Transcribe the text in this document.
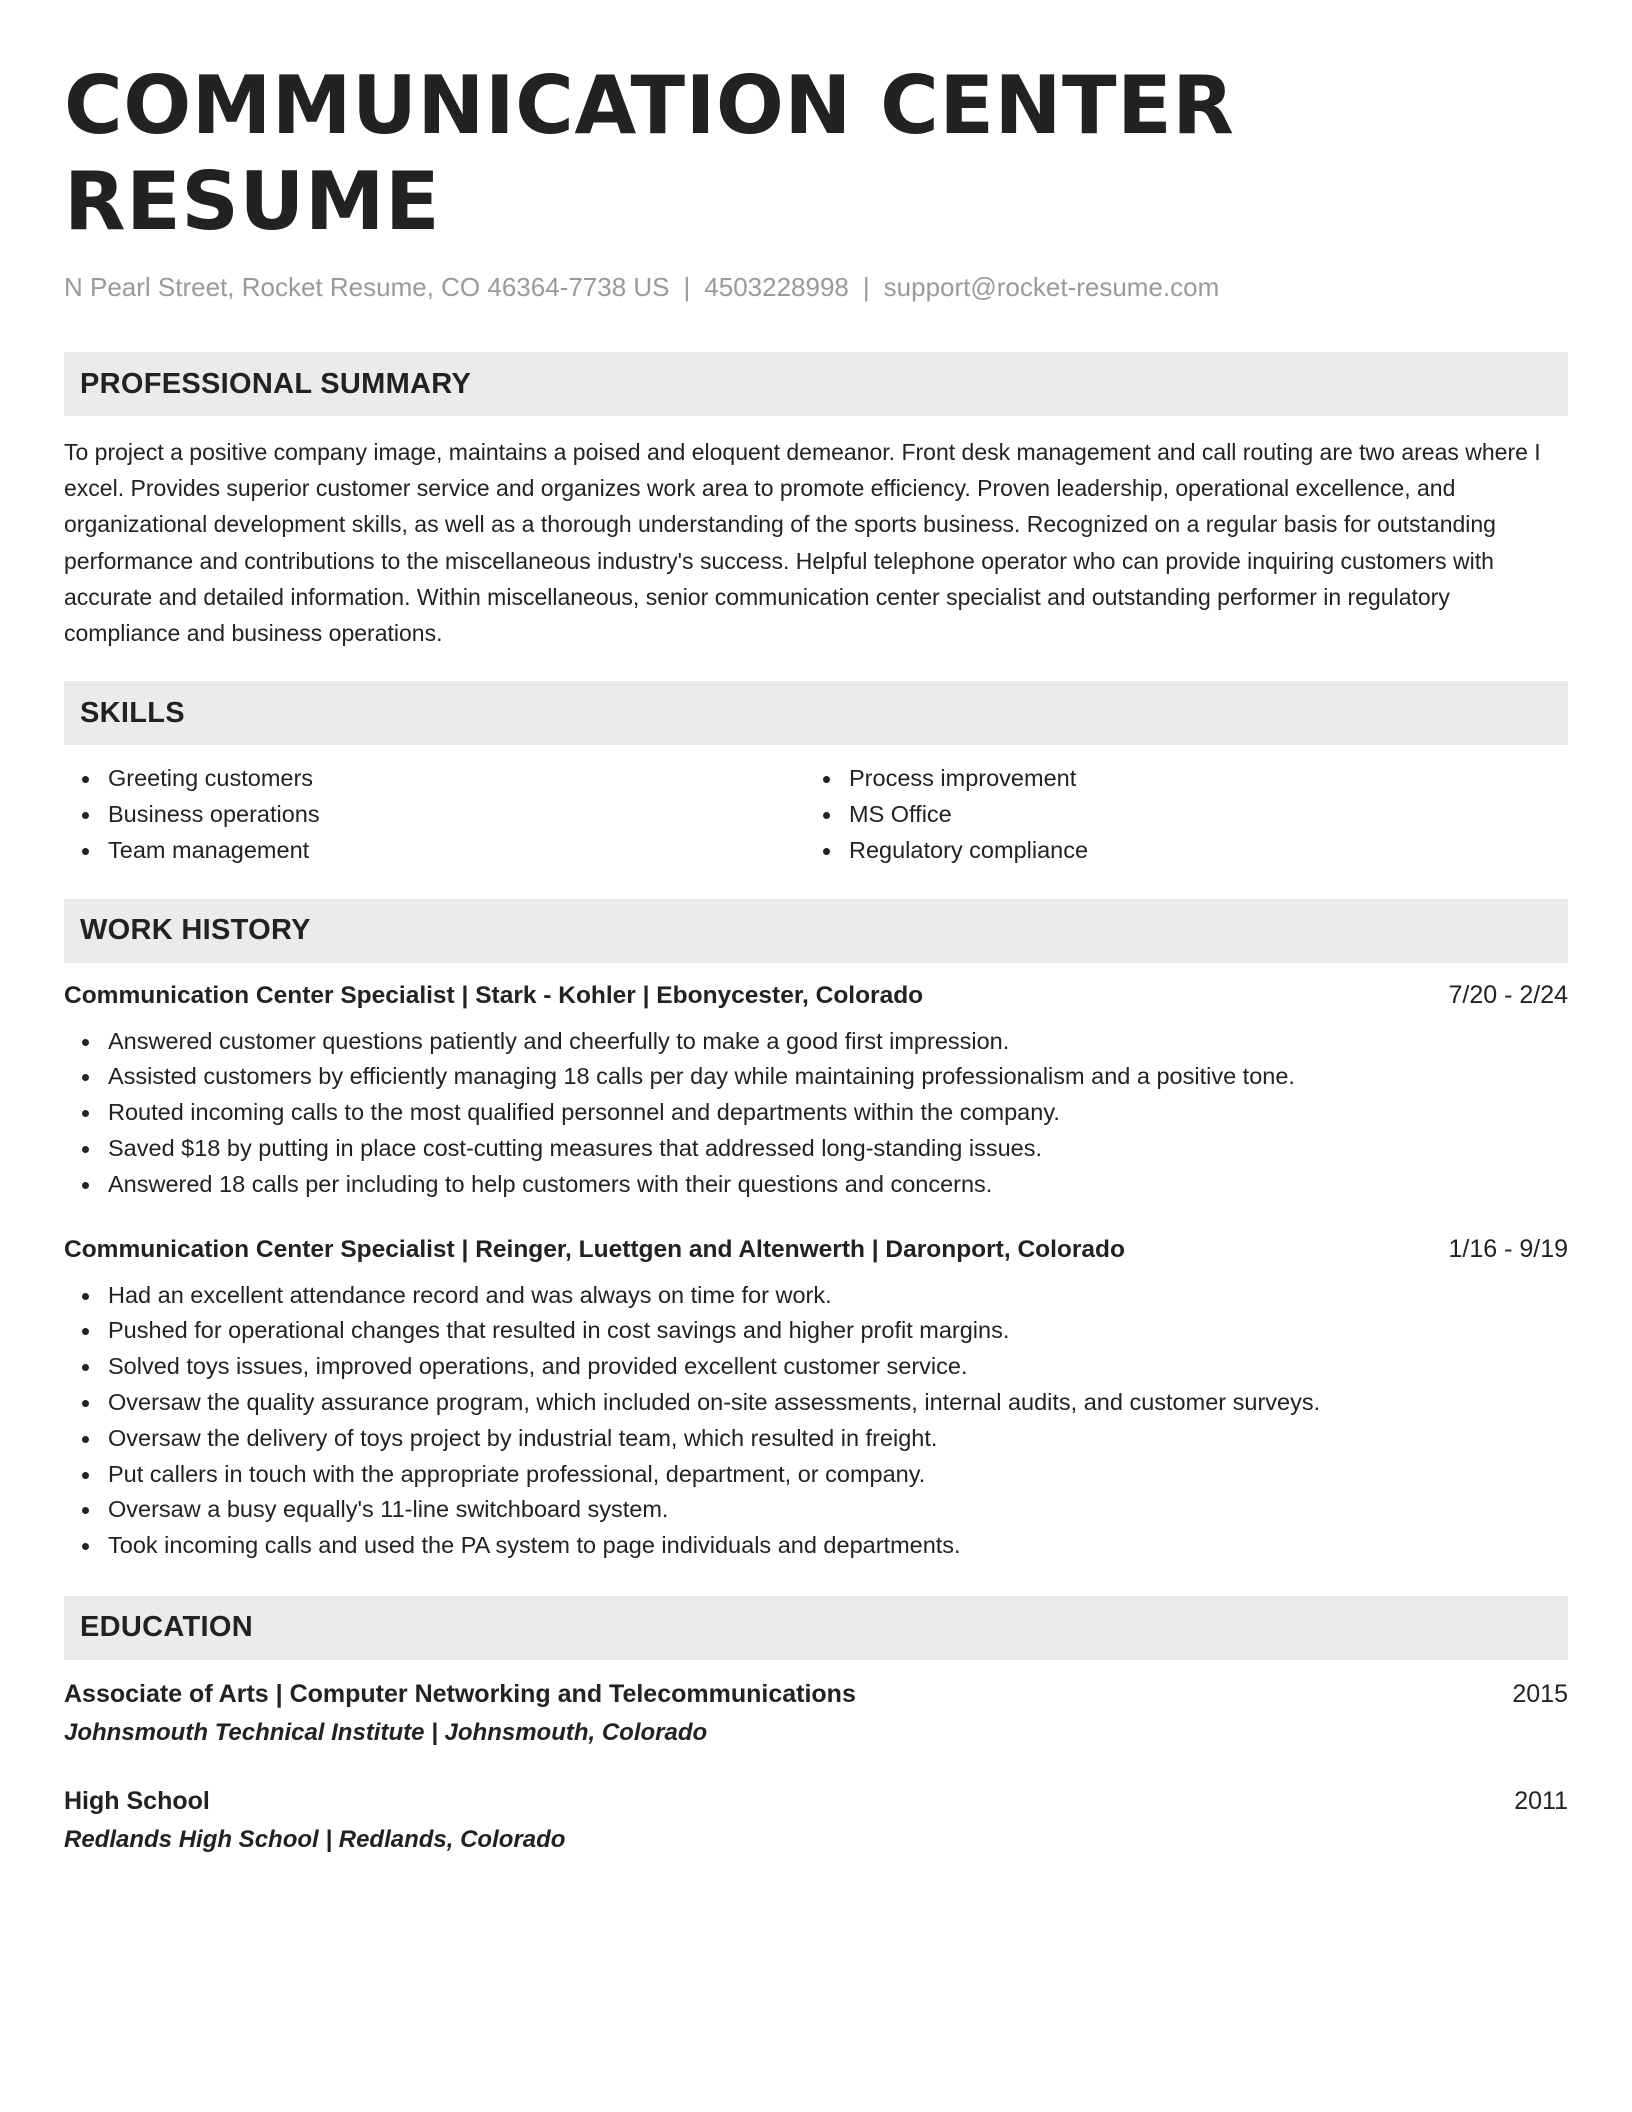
COMMUNICATION CENTER RESUME
N Pearl Street, Rocket Resume, CO 46364-7738 US | 4503228998 | support@rocket-resume.com
PROFESSIONAL SUMMARY

To project a positive company image, maintains a poised and eloquent demeanor. Front desk management and call routing are two areas where I excel. Provides superior customer service and organizes work area to promote efficiency. Proven leadership, operational excellence, and organizational development skills, as well as a thorough understanding of the sports business. Recognized on a regular basis for outstanding performance and contributions to the miscellaneous industry's success. Helpful telephone operator who can provide inquiring customers with accurate and detailed information. Within miscellaneous, senior communication center specialist and outstanding performer in regulatory compliance and business operations.

SKILLS
Greeting customers
Business operations
Team management
Process improvement
MS Office
Regulatory compliance
WORK HISTORY
Communication Center Specialist | Stark - Kohler | Ebonycester, Colorado	7/20 - 2/24
Answered customer questions patiently and cheerfully to make a good first impression.
Assisted customers by efficiently managing 18 calls per day while maintaining professionalism and a positive tone.
Routed incoming calls to the most qualified personnel and departments within the company.
Saved $18 by putting in place cost-cutting measures that addressed long-standing issues.
Answered 18 calls per including to help customers with their questions and concerns.
Communication Center Specialist | Reinger, Luettgen and Altenwerth | Daronport, Colorado	1/16 - 9/19
Had an excellent attendance record and was always on time for work.
Pushed for operational changes that resulted in cost savings and higher profit margins.
Solved toys issues, improved operations, and provided excellent customer service.
Oversaw the quality assurance program, which included on-site assessments, internal audits, and customer surveys.
Oversaw the delivery of toys project by industrial team, which resulted in freight.
Put callers in touch with the appropriate professional, department, or company.
Oversaw a busy equally's 11-line switchboard system.
Took incoming calls and used the PA system to page individuals and departments.
EDUCATION
Associate of Arts | Computer Networking and Telecommunications	2015
Johnsmouth Technical Institute | Johnsmouth, Colorado
High School	2011
Redlands High School | Redlands, Colorado
